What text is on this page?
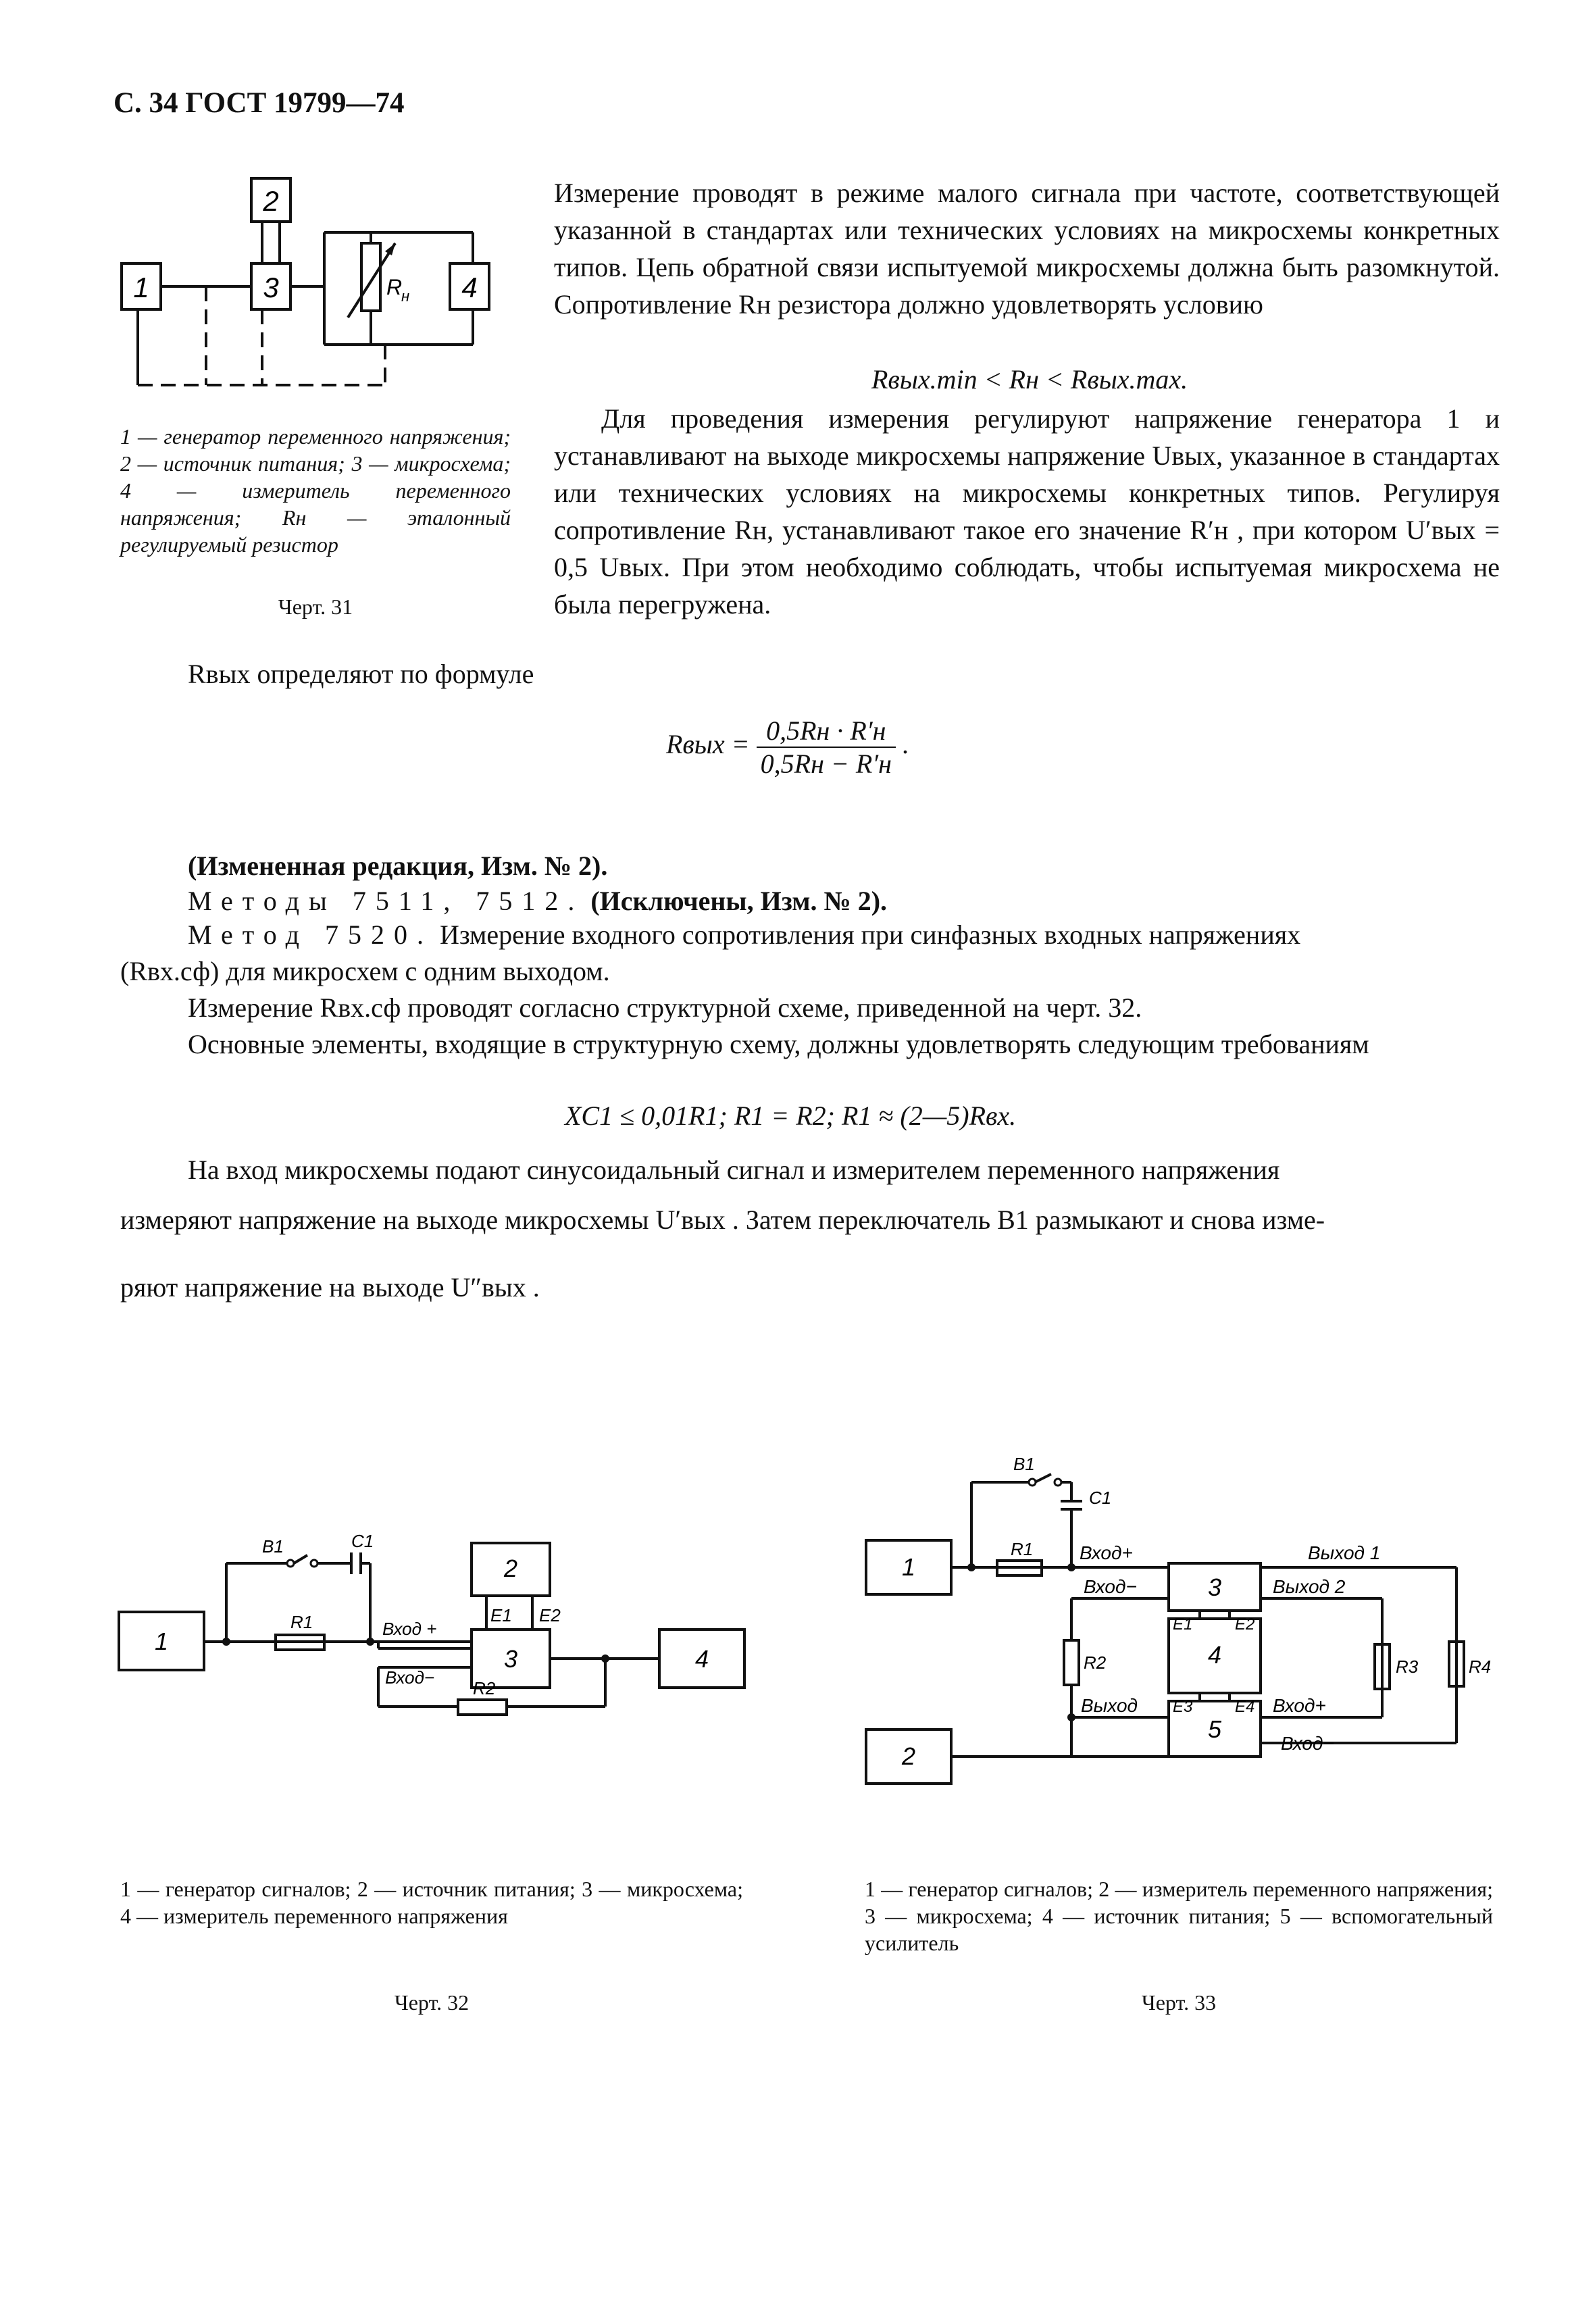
С. 34 ГОСТ 19799—74
1
2
3	4
R
н
1 — генератор переменного напряжения; 2 — источник питания; 3 — микросхема; 4 — измеритель переменного напряжения; Rн — эталонный регулируемый резистор
Черт. 31
Измерение проводят в режиме малого сигнала при частоте, соответствующей указанной в стандартах или технических условиях на микросхемы конкретных типов. Цепь обратной связи испытуемой микросхемы должна быть разомкнутой. Сопротивление Rн резистора должно удовлетворять условию
Rвых.min < Rн < Rвых.max.
Для проведения измерения регулируют напряжение генератора 1 и устанавливают на выходе микросхемы напряжение Uвых, указанное в стандартах или технических условиях на микросхемы конкретных типов. Регулируя сопротивление Rн, устанавливают такое его значение R′н , при котором U′вых = 0,5 Uвых. При этом необходимо соблюдать, чтобы испытуемая микросхема не была перегружена.
Rвых определяют по формуле
Rвых = $\frac{0,5Rн \cdot R'н}{0,5Rн - R'н}$ .
(Измененная редакция, Изм. № 2).
Методы 7511, 7512. (Исключены, Изм. № 2).
Метод 7520. Измерение входного сопротивления при синфазных входных напряжениях
(Rвх.сф) для микросхем с одним выходом.
Измерение Rвх.сф проводят согласно структурной схеме, приведенной на черт. 32.
Основные элементы, входящие в структурную схему, должны удовлетворять следующим требованиям
XC1 ≤ 0,01R1; R1 = R2; R1 ≈ (2—5)Rвх.
На вход микросхемы подают синусоидальный сигнал и измерителем переменного напряжения
измеряют напряжение на выходе микросхемы U′вых . Затем переключатель B1 размыкают и снова изме-
ряют напряжение на выходе U″вых .
1
2
3	4
B1	C1
R1
R2
Вход +
Вход−
E1 E2
1 — генератор сигналов; 2 — источник питания; 3 — микросхема; 4 — измеритель переменного напряжения
Черт. 32
1
2
3
4
5
B1
C1
R1
R2	R3	R4
Вход+
Вход−
Выход 1
Выход 2
E1	E2
E3	E4 Вход+
Выход
Вход−
1 — генератор сигналов; 2 — измеритель переменного напряжения; 3 — микросхема; 4 — источник питания; 5 — вспомогательный усилитель
Черт. 33
